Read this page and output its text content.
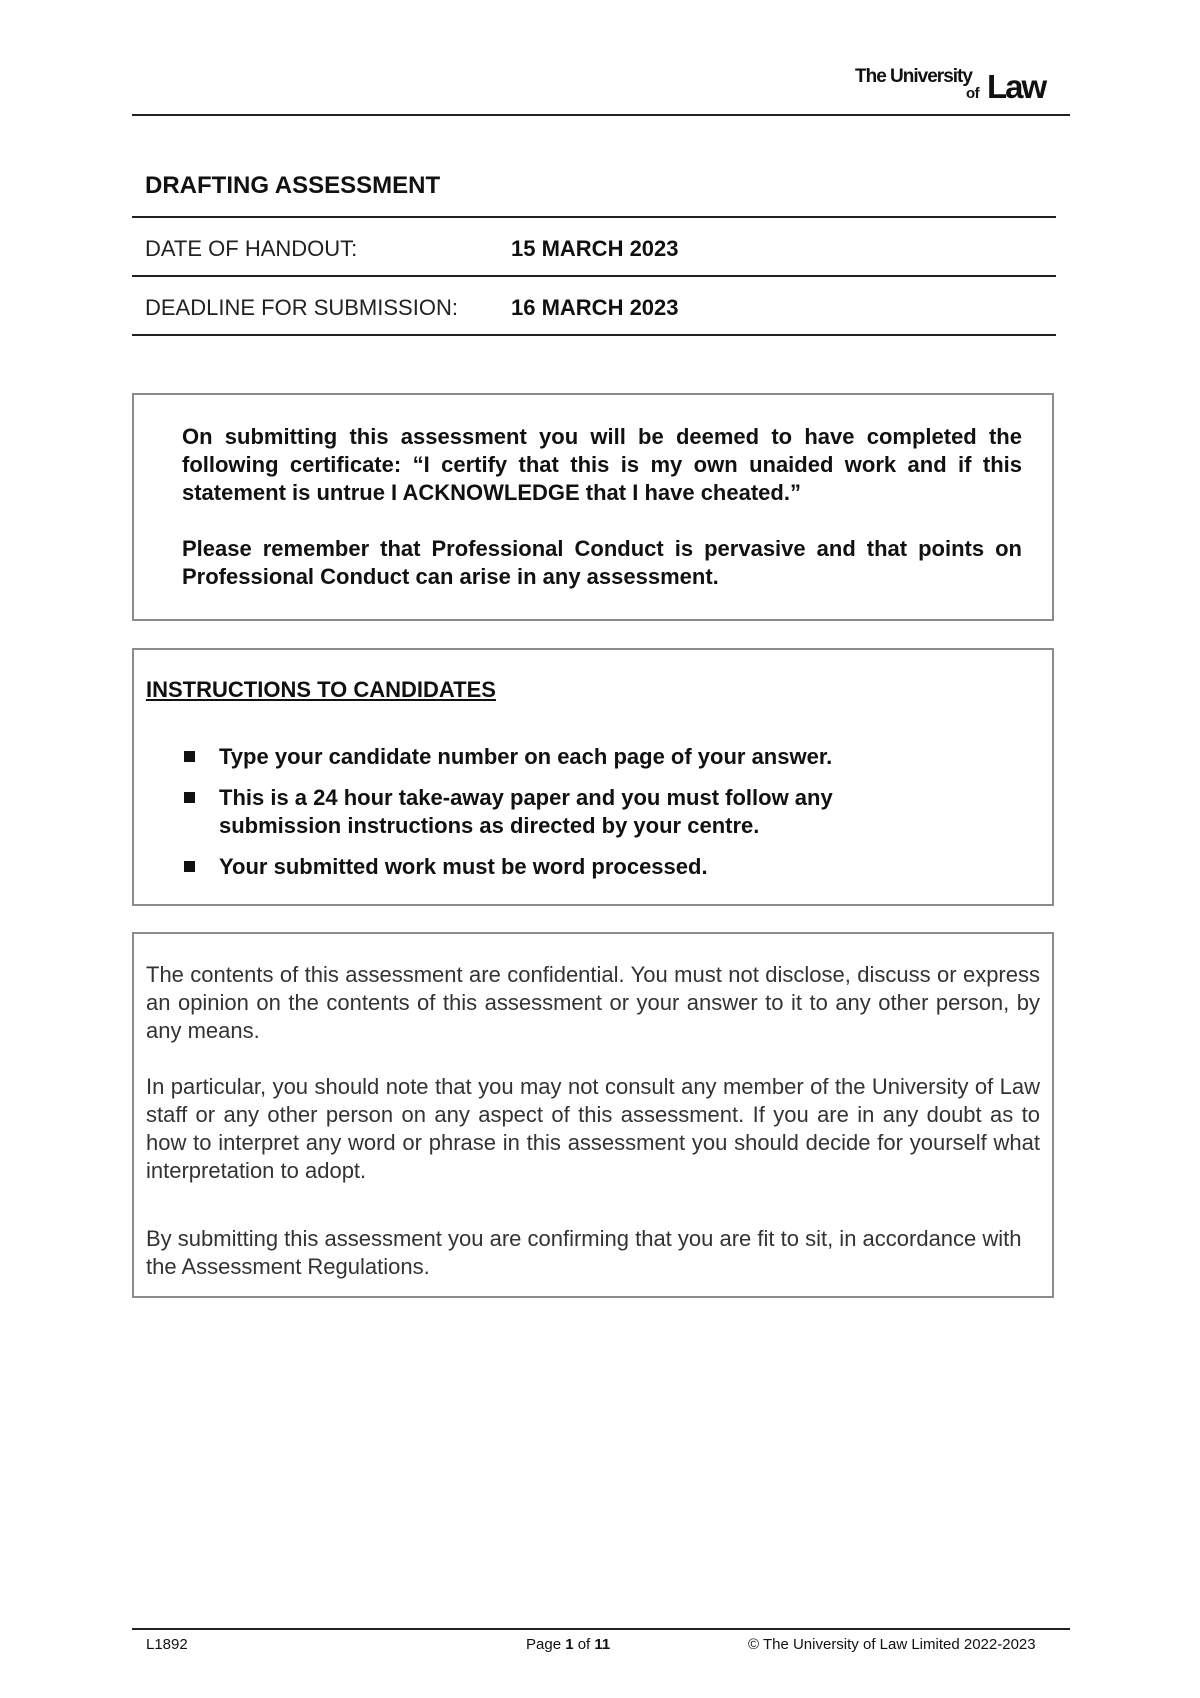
The University
of Law
DRAFTING ASSESSMENT
DATE OF HANDOUT:	15 MARCH 2023
DEADLINE FOR SUBMISSION: 16 MARCH 2023

On submitting this assessment you will be deemed to have completed the following certificate: “I certify that this is my own unaided work and if this statement is untrue I ACKNOWLEDGE that I have cheated.”

Please remember that Professional Conduct is pervasive and that points on Professional Conduct can arise in any assessment.

INSTRUCTIONS TO CANDIDATES
Type your candidate number on each page of your answer.
This is a 24 hour take-away paper and you must follow any submission instructions as directed by your centre.
Your submitted work must be word processed.

The contents of this assessment are confidential. You must not disclose, discuss or express an opinion on the contents of this assessment or your answer to it to any other person, by any means.

In particular, you should note that you may not consult any member of the University of Law staff or any other person on any aspect of this assessment. If you are in any doubt as to how to interpret any word or phrase in this assessment you should decide for yourself what interpretation to adopt.

By submitting this assessment you are confirming that you are fit to sit, in accordance with the Assessment Regulations.

L1892	Page 1 of 11	© The University of Law Limited 2022-2023
